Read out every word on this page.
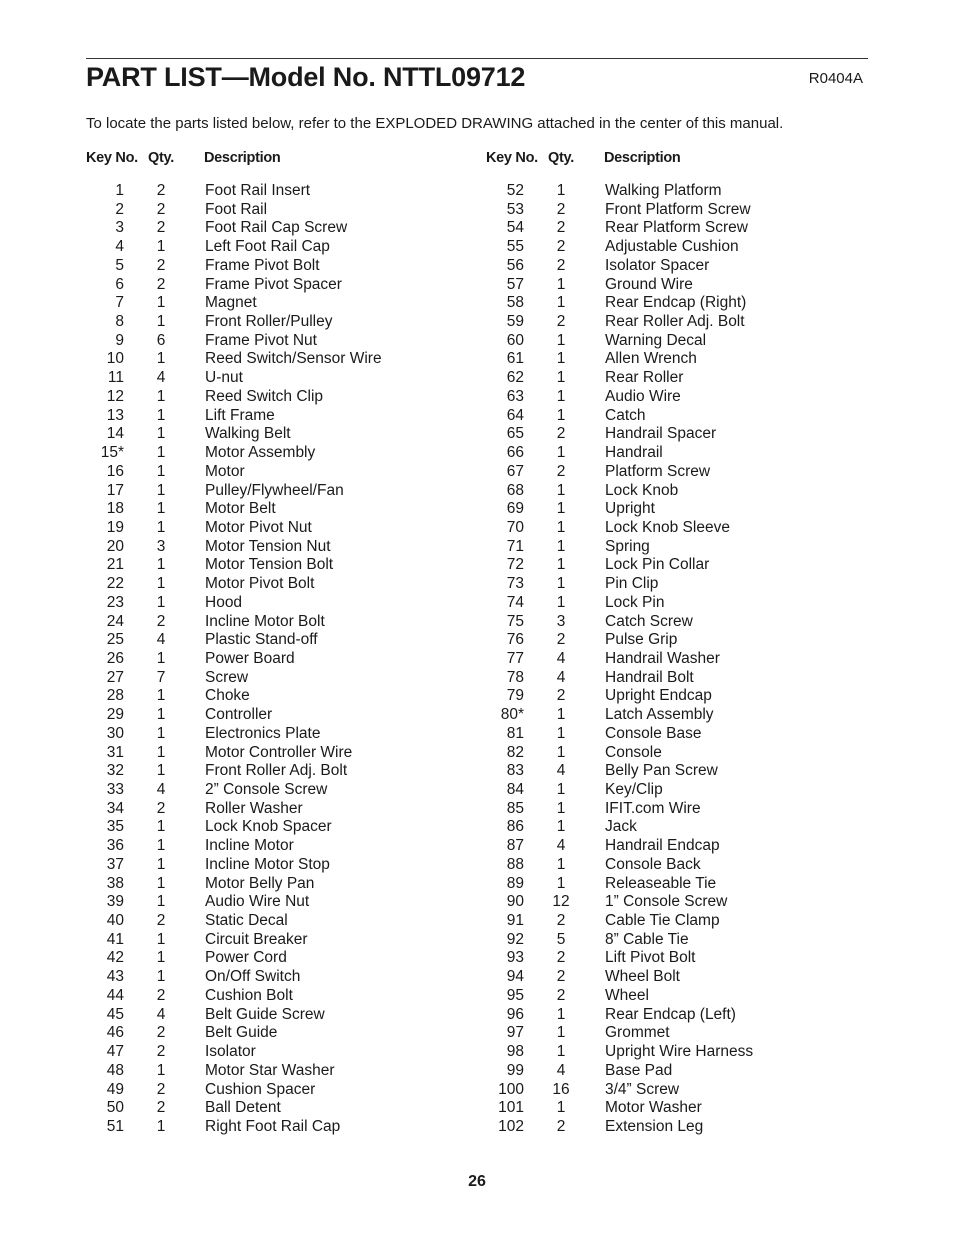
PART LIST—Model No. NTTL09712	R0404A
To locate the parts listed below, refer to the EXPLODED DRAWING attached in the center of this manual.
Key No. Qty. Description
1	2	Foot Rail Insert
2	2	Foot Rail
3	2	Foot Rail Cap Screw
4	1	Left Foot Rail Cap
5	2	Frame Pivot Bolt
6	2	Frame Pivot Spacer
7	1	Magnet
8	1	Front Roller/Pulley
9	6	Frame Pivot Nut
10	1	Reed Switch/Sensor Wire
11	4	U-nut
12	1	Reed Switch Clip
13	1	Lift Frame
14	1	Walking Belt
15*	1	Motor Assembly
16	1	Motor
17	1	Pulley/Flywheel/Fan
18	1	Motor Belt
19	1	Motor Pivot Nut
20	3	Motor Tension Nut
21	1	Motor Tension Bolt
22	1	Motor Pivot Bolt
23	1	Hood
24	2	Incline Motor Bolt
25	4	Plastic Stand-off
26	1	Power Board
27	7	Screw
28	1	Choke
29	1	Controller
30	1	Electronics Plate
31	1	Motor Controller Wire
32	1	Front Roller Adj. Bolt
33	4	2” Console Screw
34	2	Roller Washer
35	1	Lock Knob Spacer
36	1	Incline Motor
37	1	Incline Motor Stop
38	1	Motor Belly Pan
39	1	Audio Wire Nut
40	2	Static Decal
41	1	Circuit Breaker
42	1	Power Cord
43	1	On/Off Switch
44	2	Cushion Bolt
45	4	Belt Guide Screw
46	2	Belt Guide
47	2	Isolator
48	1	Motor Star Washer
49	2	Cushion Spacer
50	2	Ball Detent
51	1	Right Foot Rail Cap
Key No. Qty. Description
52	1	Walking Platform
53	2	Front Platform Screw
54	2	Rear Platform Screw
55	2	Adjustable Cushion
56	2	Isolator Spacer
57	1	Ground Wire
58	1	Rear Endcap (Right)
59	2	Rear Roller Adj. Bolt
60	1	Warning Decal
61	1	Allen Wrench
62	1	Rear Roller
63	1	Audio Wire
64	1	Catch
65	2	Handrail Spacer
66	1	Handrail
67	2	Platform Screw
68	1	Lock Knob
69	1	Upright
70	1	Lock Knob Sleeve
71	1	Spring
72	1	Lock Pin Collar
73	1	Pin Clip
74	1	Lock Pin
75	3	Catch Screw
76	2	Pulse Grip
77	4	Handrail Washer
78	4	Handrail Bolt
79	2	Upright Endcap
80*	1	Latch Assembly
81	1	Console Base
82	1	Console
83	4	Belly Pan Screw
84	1	Key/Clip
85	1	IFIT.com Wire
86	1	Jack
87	4	Handrail Endcap
88	1	Console Back
89	1	Releaseable Tie
90 12 1” Console Screw
91	2	Cable Tie Clamp
92	5	8” Cable Tie
93	2	Lift Pivot Bolt
94	2	Wheel Bolt
95	2	Wheel
96	1	Rear Endcap (Left)
97	1	Grommet
98	1	Upright Wire Harness
99	4	Base Pad
100 16 3/4” Screw
101	1	Motor Washer
102	2	Extension Leg
26
